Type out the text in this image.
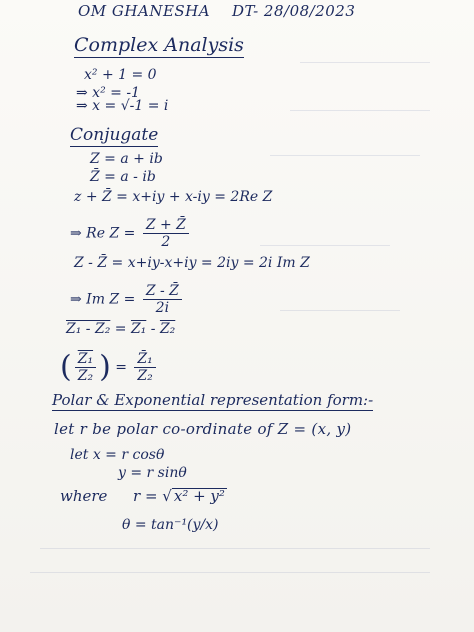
OM GHANESHA DT- 28/08/2023
Complex Analysis
x² + 1 = 0
⇒ x² = -1
⇒ x = √-1 = i
Conjugate
Z = a + ib
Z̄ = a - ib
z + Z̄ = x+iy + x-iy = 2Re Z
⇒ Re $Z = \frac{Z + Z̄}{2}$
Z - Z̄ = x+iy-x+iy = 2iy = 2i Im Z
⇒ Im $Z = \frac{Z - Z̄}{2i}$
Z₁ - Z₂ = Z₁ - Z₂
( $\frac{\text{Z₁}}{\text{Z₂}}$ ) = $\frac{\text{Z̄₁}}{\text{Z̄₂}}$
Polar & Exponential representation form:-
let r be polar co-ordinate of Z = (x, y)
let x = r cosθ
y = r sinθ
where r = √ x² + y²
θ = tan⁻¹(y/x)
